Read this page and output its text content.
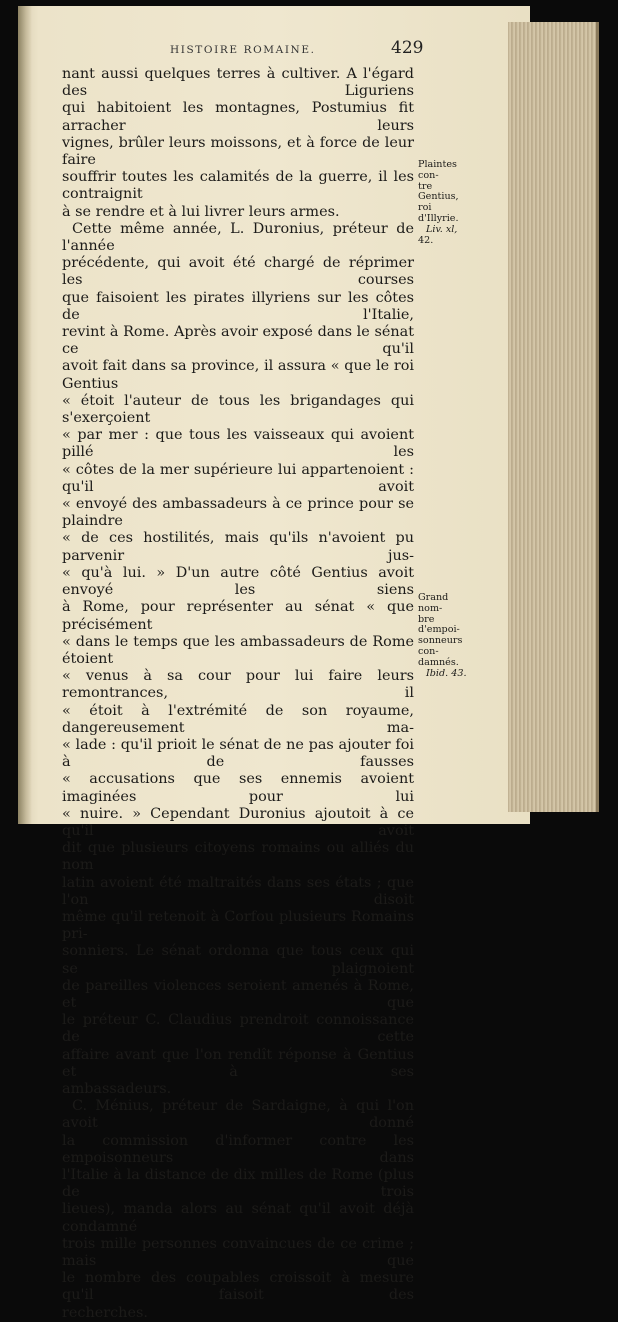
HISTOIRE ROMAINE.	429

nant aussi quelques terres à cultiver. A l'égard des Liguriens

qui habitoient les montagnes, Postumius fit arracher leurs

vignes, brûler leurs moissons, et à force de leur faire

souffrir toutes les calamités de la guerre, il les contraignit

à se rendre et à lui livrer leurs armes.

Cette même année, L. Duronius, préteur de l'année

précédente, qui avoit été chargé de réprimer les courses

que faisoient les pirates illyriens sur les côtes de l'Italie,

revint à Rome. Après avoir exposé dans le sénat ce qu'il

avoit fait dans sa province, il assura « que le roi Gentius

« étoit l'auteur de tous les brigandages qui s'exerçoient

« par mer : que tous les vaisseaux qui avoient pillé les

« côtes de la mer supérieure lui appartenoient : qu'il avoit

« envoyé des ambassadeurs à ce prince pour se plaindre

« de ces hostilités, mais qu'ils n'avoient pu parvenir jus-

« qu'à lui. » D'un autre côté Gentius avoit envoyé les siens

à Rome, pour représenter au sénat « que précisément

« dans le temps que les ambassadeurs de Rome étoient

« venus à sa cour pour lui faire leurs remontrances, il

« étoit à l'extrémité de son royaume, dangereusement ma-

« lade : qu'il prioit le sénat de ne pas ajouter foi à de fausses

« accusations que ses ennemis avoient imaginées pour lui

« nuire. » Cependant Duronius ajoutoit à ce qu'il avoit

dit que plusieurs citoyens romains ou alliés du nom

latin avoient été maltraités dans ses états ; que l'on disoit

même qu'il retenoit à Corfou plusieurs Romains pri-

sonniers. Le sénat ordonna que tous ceux qui se plaignoient

de pareilles violences seroient amenés à Rome, et que

le préteur C. Claudius prendroit connoissance de cette

affaire avant que l'on rendît réponse à Gentius et à ses

ambassadeurs.

C. Ménius, préteur de Sardaigne, à qui l'on avoit donné

la commission d'informer contre les empoisonneurs dans

l'Italie à la distance de dix milles de Rome (plus de trois

lieues), manda alors au sénat qu'il avoit déjà condamné

trois mille personnes convaincues de ce crime ; mais que

le nombre des coupables croissoit à mesure qu'il faisoit des

recherches.

Plaintes con-
tre Gentius,
roi d'Illyrie.
Liv. xl,
42.
Grand nom-
bre d'empoi-
sonneurs con-
damnés.
Ibid. 43.
